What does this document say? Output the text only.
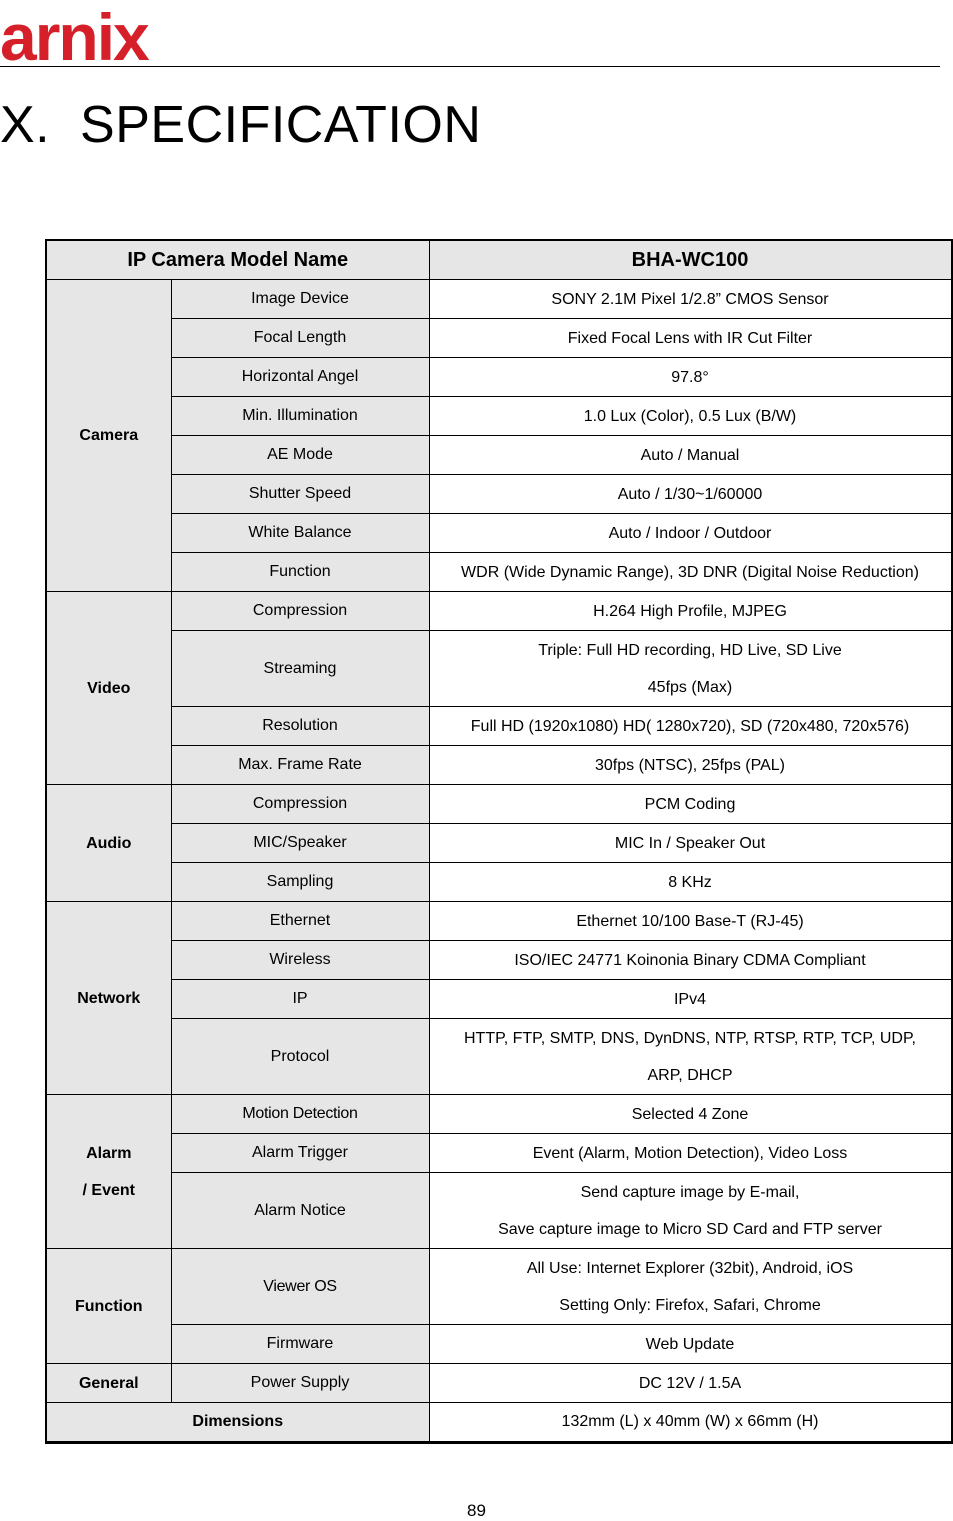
arnix
X. SPECIFICATION
IP Camera Model Name		BHA-WC100

Camera	Image Device	SONY 2.1M Pixel 1/2.8” CMOS Sensor

	Focal Length	Fixed Focal Lens with IR Cut Filter

	Horizontal Angel	97.8°

	Min. Illumination	1.0 Lux (Color), 0.5 Lux (B/W)

	AE Mode	Auto / Manual

	Shutter Speed	Auto / 1/30~1/60000

	White Balance	Auto / Indoor / Outdoor

	Function	WDR (Wide Dynamic Range), 3D DNR (Digital Noise Reduction)

Video	Compression	H.264 High Profile, MJPEG

	Streaming	Triple: Full HD recording, HD Live, SD Live
45fps (Max)

	Resolution	Full HD (1920x1080) HD( 1280x720), SD (720x480, 720x576)

	Max. Frame Rate	30fps (NTSC), 25fps (PAL)

Audio	Compression	PCM Coding

	MIC/Speaker	MIC In / Speaker Out

	Sampling	8 KHz

Network	Ethernet	Ethernet 10/100 Base-T (RJ-45)

	Wireless	ISO/IEC 24771 Koinonia Binary CDMA Compliant

	IP	IPv4

	Protocol	HTTP, FTP, SMTP, DNS, DynDNS, NTP, RTSP, RTP, TCP, UDP,
ARP, DHCP

Alarm
/ Event	Motion Detection	Selected 4 Zone

	Alarm Trigger	Event (Alarm, Motion Detection), Video Loss

	Alarm Notice	Send capture image by E-mail,
Save capture image to Micro SD Card and FTP server

Function	Viewer OS	All Use: Internet Explorer (32bit), Android, iOS
Setting Only: Firefox, Safari, Chrome

	Firmware	Web Update

General	Power Supply	DC 12V / 1.5A

Dimensions		132mm (L) x 40mm (W) x 66mm (H)
89
